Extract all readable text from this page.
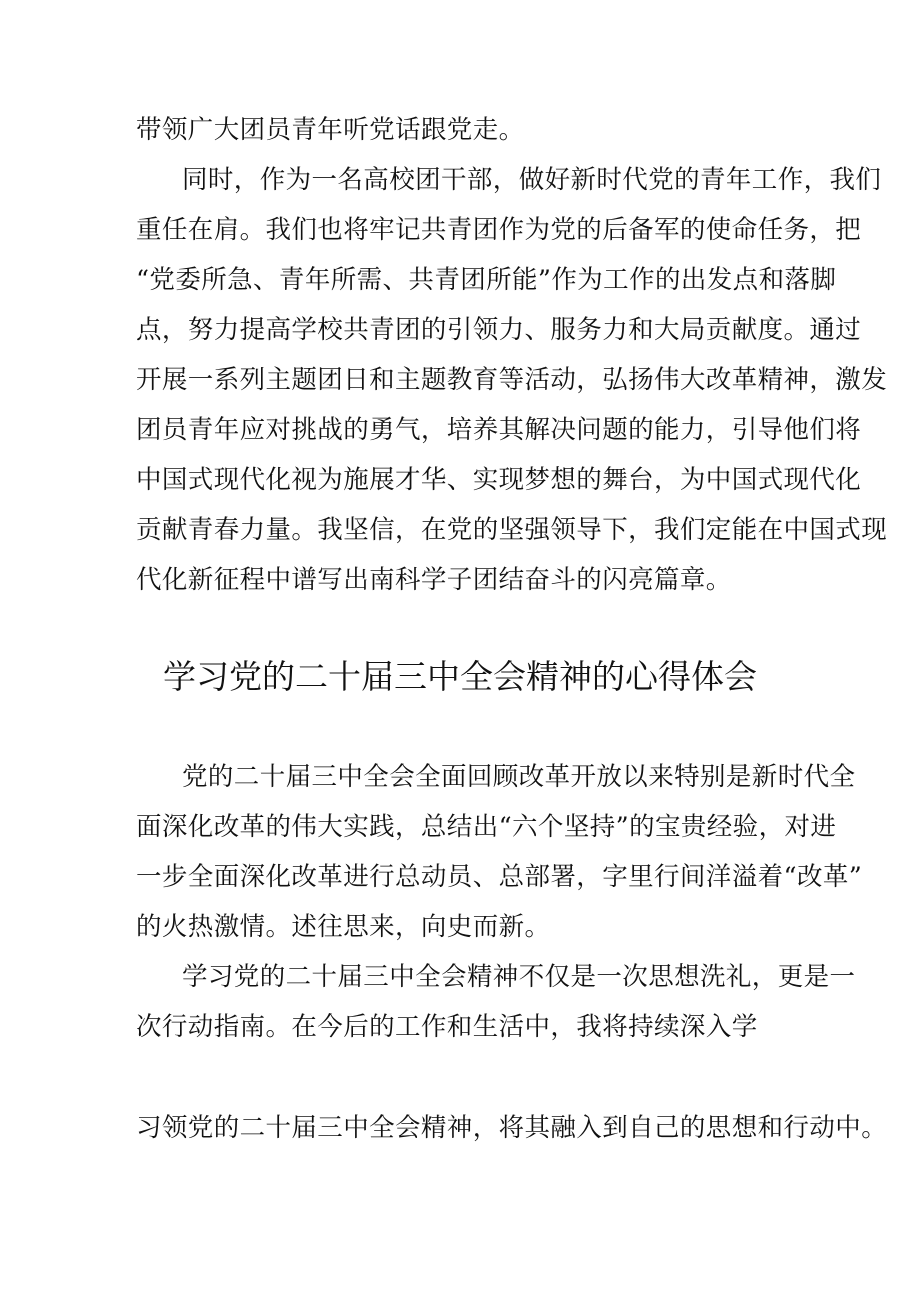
带领广大团员青年听党话跟党走。
同时，作为一名高校团干部，做好新时代党的青年工作，我们
重任在肩。我们也将牢记共青团作为党的后备军的使命任务，把
“党委所急、青年所需、共青团所能”作为工作的出发点和落脚
点，努力提高学校共青团的引领力、服务力和大局贡献度。通过
开展一系列主题团日和主题教育等活动，弘扬伟大改革精神，激发
团员青年应对挑战的勇气，培养其解决问题的能力，引导他们将
中国式现代化视为施展才华、实现梦想的舞台，为中国式现代化
贡献青春力量。我坚信，在党的坚强领导下，我们定能在中国式现
代化新征程中谱写出南科学子团结奋斗的闪亮篇章。
学习党的二十届三中全会精神的心得体会
党的二十届三中全会全面回顾改革开放以来特别是新时代全
面深化改革的伟大实践，总结出“六个坚持”的宝贵经验，对进
一步全面深化改革进行总动员、总部署，字里行间洋溢着“改革”
的火热激情。述往思来，向史而新。
学习党的二十届三中全会精神不仅是一次思想洗礼，更是一
次行动指南。在今后的工作和生活中，我将持续深入学
习领党的二十届三中全会精神，将其融入到自己的思想和行动中。
